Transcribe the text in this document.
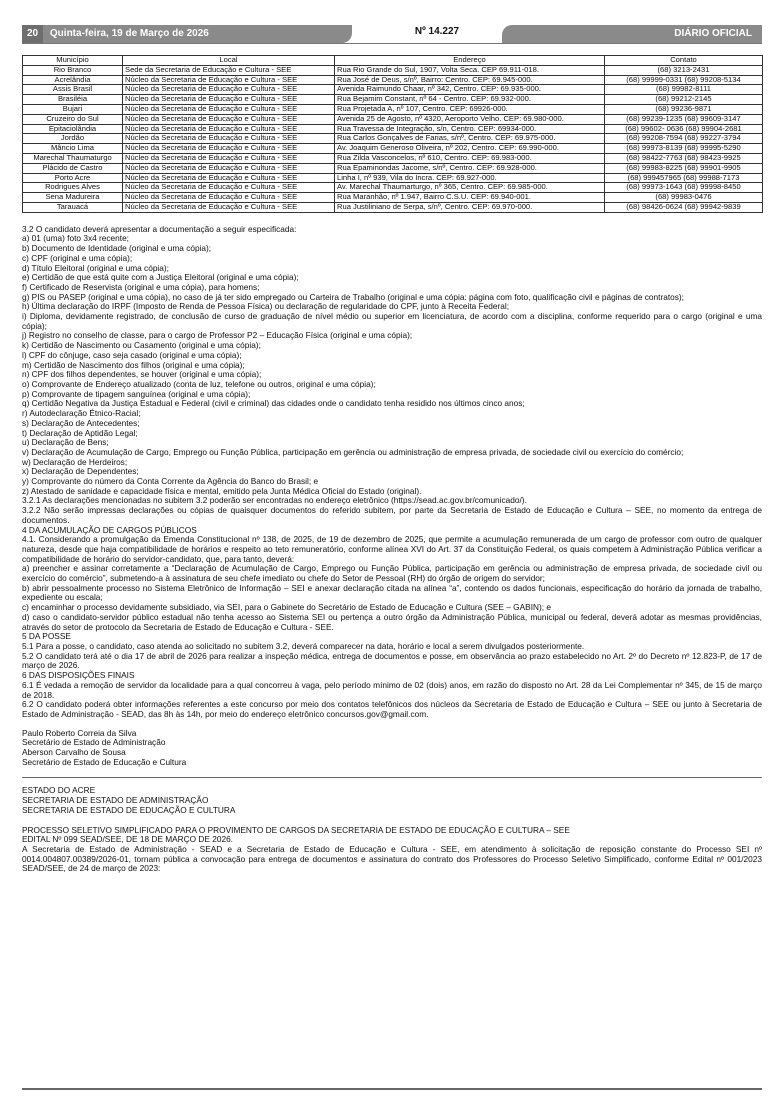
20 Quinta-feira, 19 de Março de 2026	Nº 14.227	DIÁRIO OFICIAL
Município	Local	Endereço	Contato
Rio Branco	Sede da Secretaria de Educação e Cultura - SEE	Rua Rio Grande do Sul, 1907, Volta Seca. CEP 69.911-018.	(68) 3213-2431
Acrelândia	Núcleo da Secretaria de Educação e Cultura - SEE	Rua José de Deus, s/nº, Bairro: Centro. CEP: 69.945-000.	(68) 99999-0331 (68) 99208-5134
Assis Brasil	Núcleo da Secretaria de Educação e Cultura - SEE	Avenida Raimundo Chaar, nº 342, Centro. CEP: 69.935-000.	(68) 99982-8111
Brasiléia	Núcleo da Secretaria de Educação e Cultura - SEE	Rua Bejamim Constant, nº 64 - Centro. CEP: 69.932-000.	(68) 99212-2145
Bujari	Núcleo da Secretaria de Educação e Cultura - SEE	Rua Projetada A, nº 107, Centro. CEP: 69926-000.	(68) 99236-9871
Cruzeiro do Sul	Núcleo da Secretaria de Educação e Cultura - SEE	Avenida 25 de Agosto, nº 4320, Aeroporto Velho. CEP: 69.980-000.	(68) 99239-1235 (68) 99609-3147
Epitaciolândia	Núcleo da Secretaria de Educação e Cultura - SEE	Rua Travessa de Integração, s/n, Centro. CEP: 69934-000.	(68) 99602- 0636 (68) 99904-2681
Jordão	Núcleo da Secretaria de Educação e Cultura - SEE	Rua Carlos Gonçalves de Farias, s/nº, Centro. CEP: 69.975-000.	(68) 99208-7594 (68) 99227-3794
Mâncio Lima	Núcleo da Secretaria de Educação e Cultura - SEE	Av. Joaquim Generoso Oliveira, nº 202, Centro. CEP: 69.990-000.	(68) 99973-8139 (68) 99995-5290
Marechal Thaumaturgo	Núcleo da Secretaria de Educação e Cultura - SEE	Rua Zilda Vasconcelos, nº 610, Centro. CEP: 69.983-000.	(68) 98422-7763 (68) 98423-9925
Plácido de Castro	Núcleo da Secretaria de Educação e Cultura - SEE	Rua Epaminondas Jacome, s/nº, Centro. CEP: 69.928-000.	(68) 99983-8225 (68) 99901-9905
Porto Acre	Núcleo da Secretaria de Educação e Cultura - SEE	Linha I, nº 939, Vila do Incra. CEP: 69.927-000.	(68) 999457965 (68) 99988-7173
Rodrigues Alves	Núcleo da Secretaria de Educação e Cultura - SEE	Av. Marechal Thaumarturgo, nº 365, Centro. CEP: 69.985-000.	(68) 99973-1643 (68) 99998-8450
Sena Madureira	Núcleo da Secretaria de Educação e Cultura - SEE	Rua Maranhão, nº 1.947, Bairro C.S.U. CEP: 69.940-001.	(68) 99983-0476
Tarauacá	Núcleo da Secretaria de Educação e Cultura - SEE	Rua Justiliniano de Serpa, s/nº, Centro. CEP: 69.970-000.	(68) 98426-0624 (68) 99942-9839

3.2 O candidato deverá apresentar a documentação a seguir especificada:

a) 01 (uma) foto 3x4 recente;

b) Documento de Identidade (original e uma cópia);

c) CPF (original e uma cópia);

d) Título Eleitoral (original e uma cópia);

e) Certidão de que está quite com a Justiça Eleitoral (original e uma cópia);

f) Certificado de Reservista (original e uma cópia), para homens;

g) PIS ou PASEP (original e uma cópia), no caso de já ter sido empregado ou Carteira de Trabalho (original e uma cópia: página com foto, qualificação civil e páginas de contratos);

h) Última declaração do IRPF (Imposto de Renda de Pessoa Física) ou declaração de regularidade do CPF, junto à Receita Federal;

i) Diploma, devidamente registrado, de conclusão de curso de graduação de nível médio ou superior em licenciatura, de acordo com a disciplina, conforme requerido para o cargo (original e uma cópia);

j) Registro no conselho de classe, para o cargo de Professor P2 – Educação Física (original e uma cópia);

k) Certidão de Nascimento ou Casamento (original e uma cópia);

l) CPF do cônjuge, caso seja casado (original e uma cópia);

m) Certidão de Nascimento dos filhos (original e uma cópia);

n) CPF dos filhos dependentes, se houver (original e uma cópia);

o) Comprovante de Endereço atualizado (conta de luz, telefone ou outros, original e uma cópia);

p) Comprovante de tipagem sanguínea (original e uma cópia);

q) Certidão Negativa da Justiça Estadual e Federal (civil e criminal) das cidades onde o candidato tenha residido nos últimos cinco anos;

r) Autodeclaração Étnico-Racial;

s) Declaração de Antecedentes;

t) Declaração de Aptidão Legal;

u) Declaração de Bens;

v) Declaração de Acumulação de Cargo, Emprego ou Função Pública, participação em gerência ou administração de empresa privada, de sociedade civil ou exercício do comércio;

w) Declaração de Herdeiros;

x) Declaração de Dependentes;

y) Comprovante do número da Conta Corrente da Agência do Banco do Brasil; e

z) Atestado de sanidade e capacidade física e mental, emitido pela Junta Médica Oficial do Estado (original).

3.2.1 As declarações mencionadas no subitem 3.2 poderão ser encontradas no endereço eletrônico (https://sead.ac.gov.br/comunicado/).

3.2.2 Não serão impressas declarações ou cópias de quaisquer documentos do referido subitem, por parte da Secretaria de Estado de Educação e Cultura – SEE, no momento da entrega de documentos.

4 DA ACUMULAÇÃO DE CARGOS PÚBLICOS

4.1. Considerando a promulgação da Emenda Constitucional nº 138, de 2025, de 19 de dezembro de 2025, que permite a acumulação remunerada de um cargo de professor com outro de qualquer natureza, desde que haja compatibilidade de horários e respeito ao teto remuneratório, conforme alínea XVI do Art. 37 da Constituição Federal, os quais competem à Administração Pública verificar a compatibilidade de horário do servidor-candidato, que, para tanto, deverá:

a) preencher e assinar corretamente a “Declaração de Acumulação de Cargo, Emprego ou Função Pública, participação em gerência ou administração de empresa privada, de sociedade civil ou exercício do comércio”, submetendo-a à assinatura de seu chefe imediato ou chefe do Setor de Pessoal (RH) do órgão de origem do servidor;

b) abrir pessoalmente processo no Sistema Eletrônico de Informação – SEI e anexar declaração citada na alínea “a”, contendo os dados funcionais, especificação do horário da jornada de trabalho, expediente ou escala;

c) encaminhar o processo devidamente subsidiado, via SEI, para o Gabinete do Secretário de Estado de Educação e Cultura (SEE – GABIN); e

d) caso o candidato-servidor público estadual não tenha acesso ao Sistema SEI ou pertença a outro órgão da Administração Pública, municipal ou federal, deverá adotar as mesmas providências, através do setor de protocolo da Secretaria de Estado de Educação e Cultura - SEE.

5 DA POSSE

5.1 Para a posse, o candidato, caso atenda ao solicitado no subitem 3.2, deverá comparecer na data, horário e local a serem divulgados posteriormente.

5.2 O candidato terá até o dia 17 de abril de 2026 para realizar a inspeção médica, entrega de documentos e posse, em observância ao prazo estabelecido no Art. 2º do Decreto nº 12.823-P, de 17 de março de 2026.

6 DAS DISPOSIÇÕES FINAIS

6.1 É vedada a remoção de servidor da localidade para a qual concorreu à vaga, pelo período mínimo de 02 (dois) anos, em razão do disposto no Art. 28 da Lei Complementar nº 345, de 15 de março de 2018.

6.2 O candidato poderá obter informações referentes a este concurso por meio dos contatos telefônicos dos núcleos da Secretaria de Estado de Educação e Cultura – SEE ou junto à Secretaria de Estado de Administração - SEAD, das 8h às 14h, por meio do endereço eletrônico concursos.gov@gmail.com.

Paulo Roberto Correia da Silva

Secretário de Estado de Administração

Aberson Carvalho de Sousa

Secretário de Estado de Educação e Cultura

ESTADO DO ACRE

SECRETARIA DE ESTADO DE ADMINISTRAÇÃO

SECRETARIA DE ESTADO DE EDUCAÇÃO E CULTURA

PROCESSO SELETIVO SIMPLIFICADO PARA O PROVIMENTO DE CARGOS DA SECRETARIA DE ESTADO DE EDUCAÇÃO E CULTURA – SEE

EDITAL Nº 099 SEAD/SEE, DE 18 DE MARÇO DE 2026.

A Secretaria de Estado de Administração - SEAD e a Secretaria de Estado de Educação e Cultura - SEE, em atendimento à solicitação de reposição constante do Processo SEI nº 0014.004807.00389/2026-01, tornam pública a convocação para entrega de documentos e assinatura do contrato dos Professores do Processo Seletivo Simplificado, conforme Edital nº 001/2023 SEAD/SEE, de 24 de março de 2023:
